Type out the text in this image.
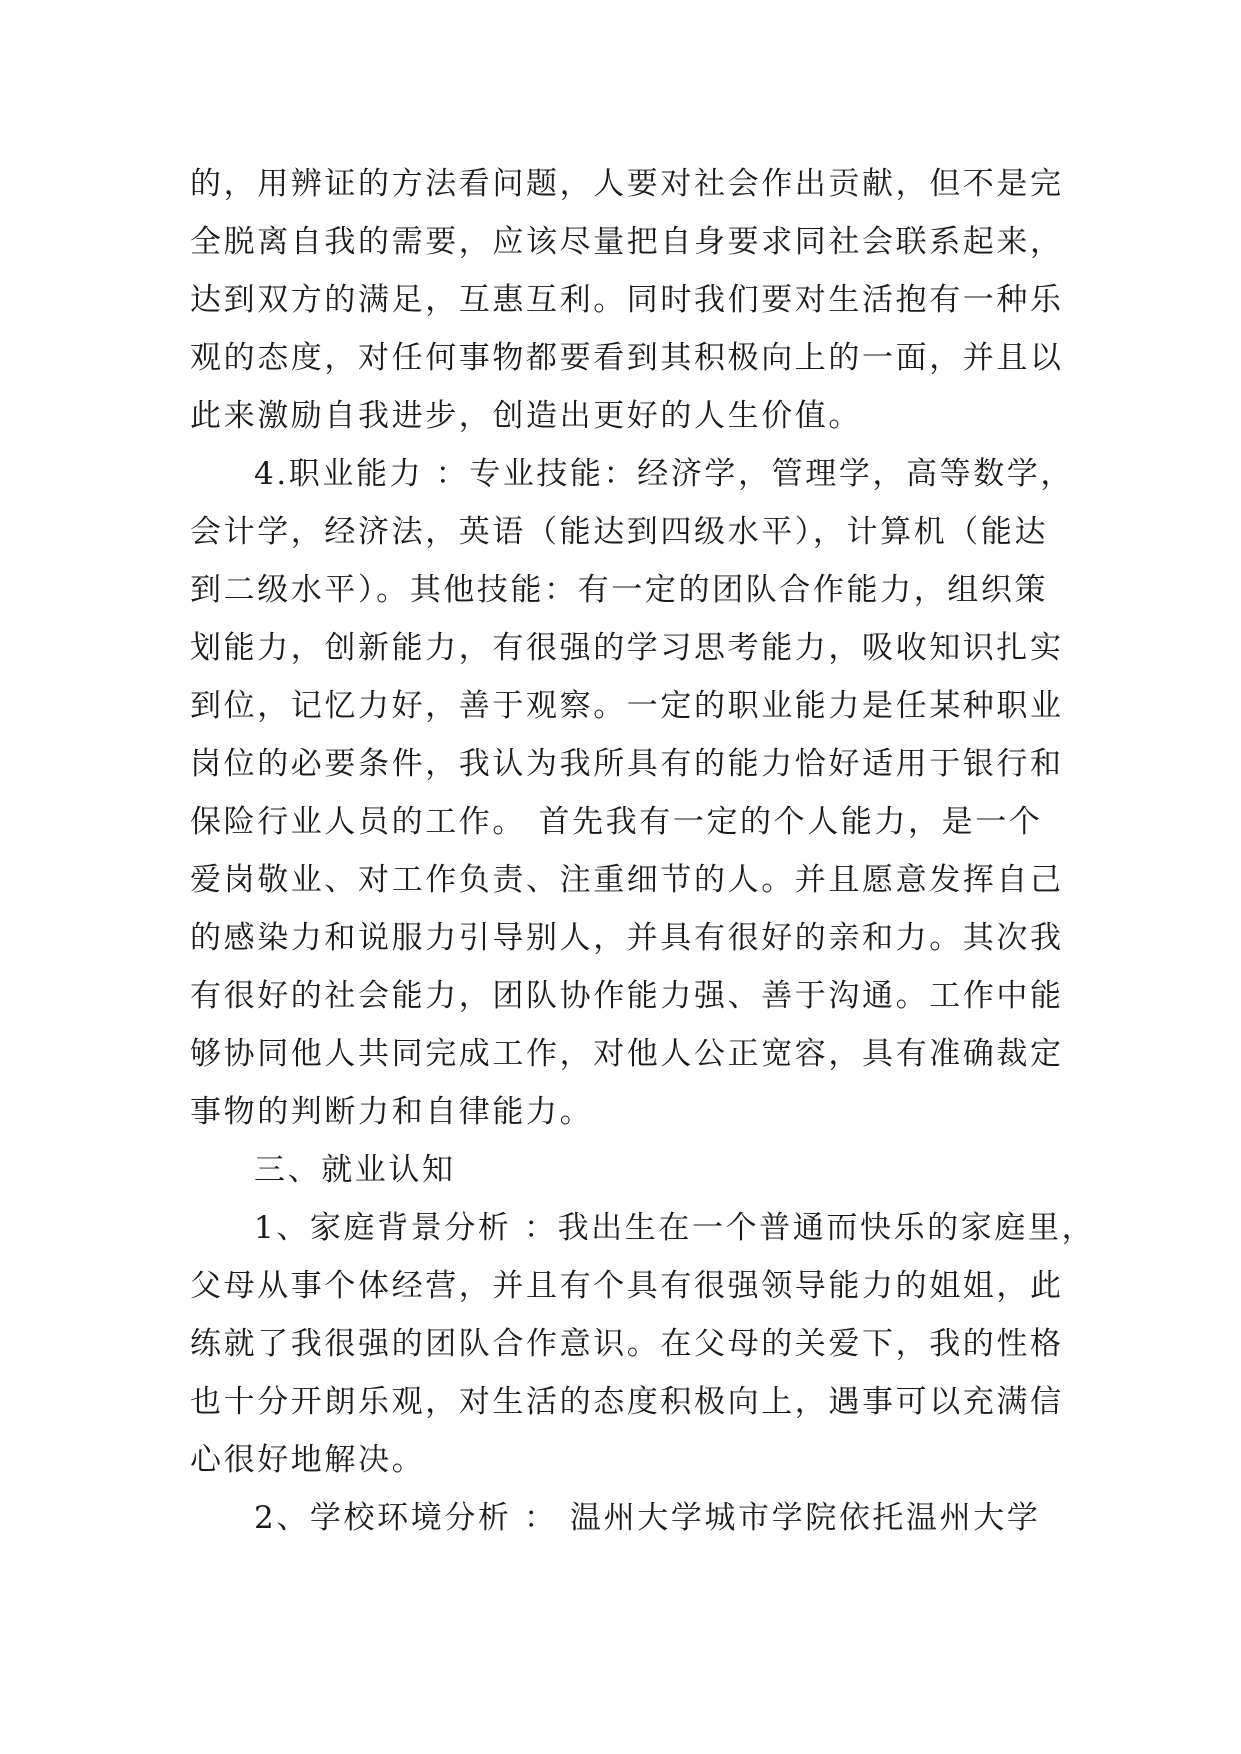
的，用辨证的方法看问题，人要对社会作出贡献，但不是完
全脱离自我的需要，应该尽量把自身要求同社会联系起来，
达到双方的满足，互惠互利。同时我们要对生活抱有一种乐
观的态度，对任何事物都要看到其积极向上的一面，并且以
此来激励自我进步，创造出更好的人生价值。
4.职业能力 ：专业技能：经济学，管理学，高等数学，
会计学，经济法，英语（能达到四级水平），计算机（能达
到二级水平）。其他技能：有一定的团队合作能力，组织策
划能力，创新能力，有很强的学习思考能力，吸收知识扎实
到位，记忆力好，善于观察。一定的职业能力是任某种职业
岗位的必要条件，我认为我所具有的能力恰好适用于银行和
保险行业人员的工作。 首先我有一定的个人能力，是一个
爱岗敬业、对工作负责、注重细节的人。并且愿意发挥自己
的感染力和说服力引导别人，并具有很好的亲和力。其次我
有很好的社会能力，团队协作能力强、善于沟通。工作中能
够协同他人共同完成工作，对他人公正宽容，具有准确裁定
事物的判断力和自律能力。
三、就业认知
1、家庭背景分析 ：我出生在一个普通而快乐的家庭里，
父母从事个体经营，并且有个具有很强领导能力的姐姐，此
练就了我很强的团队合作意识。在父母的关爱下，我的性格
也十分开朗乐观，对生活的态度积极向上，遇事可以充满信
心很好地解决。
2、学校环境分析 ： 温州大学城市学院依托温州大学
